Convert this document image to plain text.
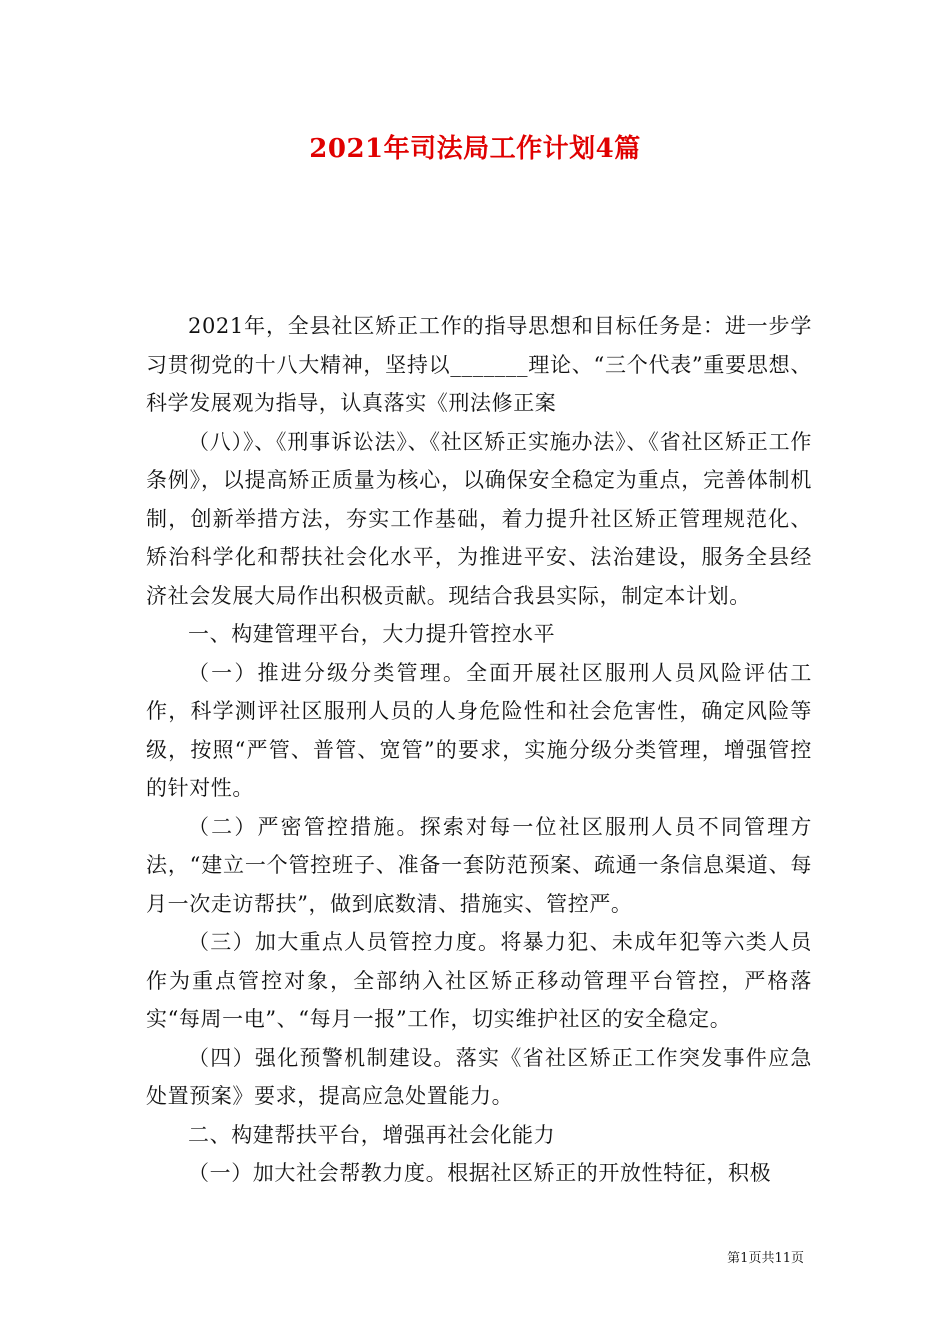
2021年司法局工作计划4篇

2021年，全县社区矫正工作的指导思想和目标任务是：进一步学习贯彻党的十八大精神，坚持以_______理论、“三个代表”重要思想、科学发展观为指导，认真落实《刑法修正案

（八）》、《刑事诉讼法》、《社区矫正实施办法》、《省社区矫正工作条例》，以提高矫正质量为核心，以确保安全稳定为重点，完善体制机制，创新举措方法，夯实工作基础，着力提升社区矫正管理规范化、矫治科学化和帮扶社会化水平，为推进平安、法治建设，服务全县经济社会发展大局作出积极贡献。现结合我县实际，制定本计划。

一、构建管理平台，大力提升管控水平

（一）推进分级分类管理。全面开展社区服刑人员风险评估工作，科学测评社区服刑人员的人身危险性和社会危害性，确定风险等级，按照“严管、普管、宽管”的要求，实施分级分类管理，增强管控的针对性。

（二）严密管控措施。探索对每一位社区服刑人员不同管理方法，“建立一个管控班子、准备一套防范预案、疏通一条信息渠道、每月一次走访帮扶”，做到底数清、措施实、管控严。

（三）加大重点人员管控力度。将暴力犯、未成年犯等六类人员作为重点管控对象，全部纳入社区矫正移动管理平台管控，严格落实“每周一电”、“每月一报”工作，切实维护社区的安全稳定。

（四）强化预警机制建设。落实《省社区矫正工作突发事件应急处置预案》要求，提高应急处置能力。

二、构建帮扶平台，增强再社会化能力

（一）加大社会帮教力度。根据社区矫正的开放性特征，积极

第1页共11页
